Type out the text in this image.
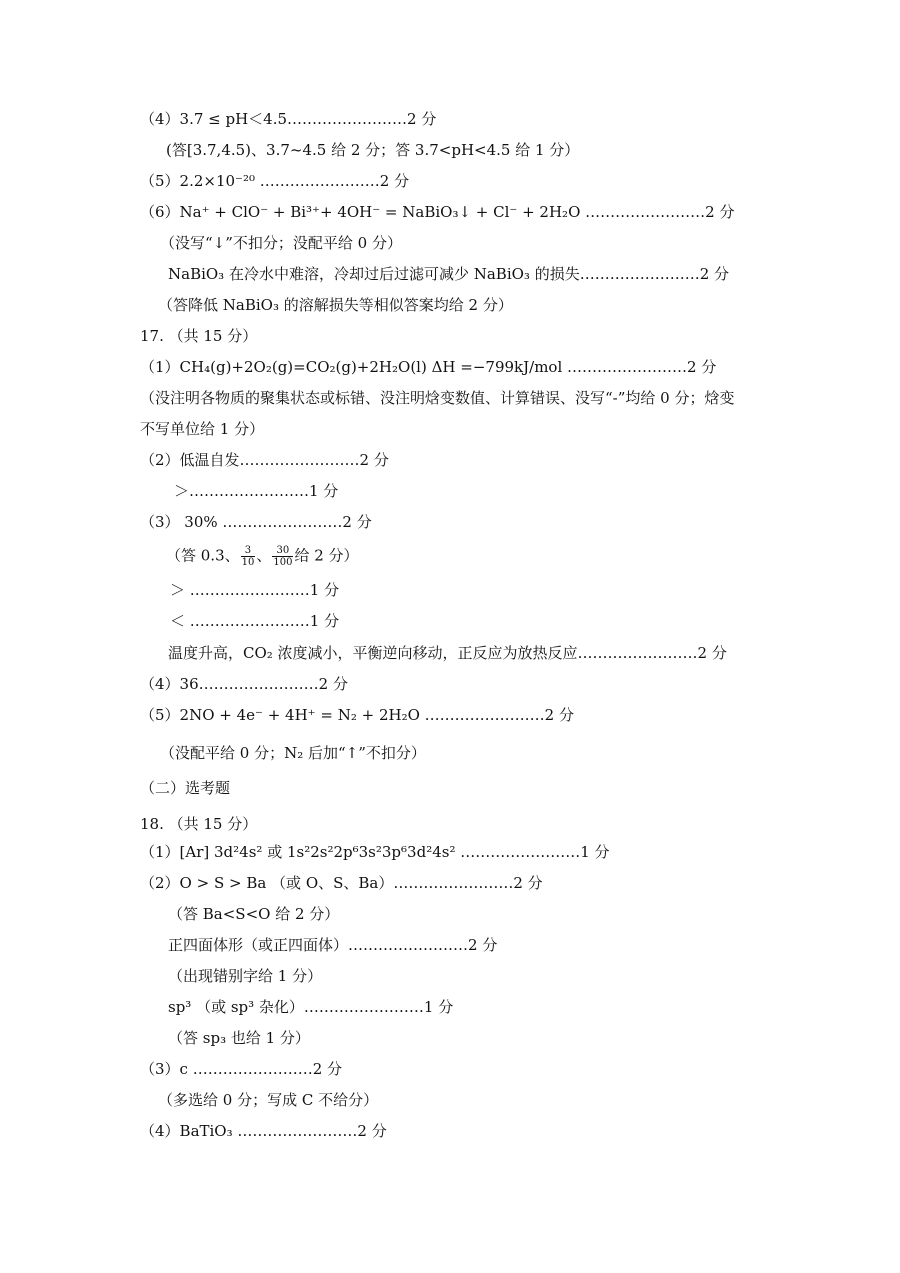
（4）3.7 ≤ pH＜4.5……………………2 分
(答[3.7,4.5)、3.7~4.5 给 2 分；答 3.7<pH<4.5 给 1 分）
（5）2.2×10⁻²⁰ ……………………2 分
（6）Na⁺ + ClO⁻ + Bi³⁺+ 4OH⁻ = NaBiO₃↓ + Cl⁻ + 2H₂O ……………………2 分
（没写“↓”不扣分；没配平给 0 分）
NaBiO₃ 在冷水中难溶，冷却过后过滤可减少 NaBiO₃ 的损失……………………2 分
（答降低 NaBiO₃ 的溶解损失等相似答案均给 2 分）
17. （共 15 分）
（1）CH₄(g)+2O₂(g)=CO₂(g)+2H₂O(l) ΔH =−799kJ/mol ……………………2 分
（没注明各物质的聚集状态或标错、没注明焓变数值、计算错误、没写“-”均给 0 分；焓变
不写单位给 1 分）
（2）低温自发……………………2 分
＞……………………1 分
（3） 30% ……………………2 分
（答 0.3、 $\frac{3}{10}$ 、 $\frac{30}{100}$ 给 2 分）
＞ ……………………1 分
＜ ……………………1 分
温度升高，CO₂ 浓度减小，平衡逆向移动，正反应为放热反应……………………2 分
（4）36……………………2 分
（5）2NO + 4e⁻ + 4H⁺ = N₂ + 2H₂O ……………………2 分
（没配平给 0 分；N₂ 后加“↑”不扣分）
（二）选考题
18. （共 15 分）
（1）[Ar] 3d²4s² 或 1s²2s²2p⁶3s²3p⁶3d²4s² ……………………1 分
（2）O > S > Ba （或 O、S、Ba）……………………2 分
（答 Ba<S<O 给 2 分）
正四面体形（或正四面体）……………………2 分
（出现错别字给 1 分）
sp³ （或 sp³ 杂化）……………………1 分
（答 sp₃ 也给 1 分）
（3）c ……………………2 分
（多选给 0 分；写成 C 不给分）
（4）BaTiO₃ ……………………2 分
